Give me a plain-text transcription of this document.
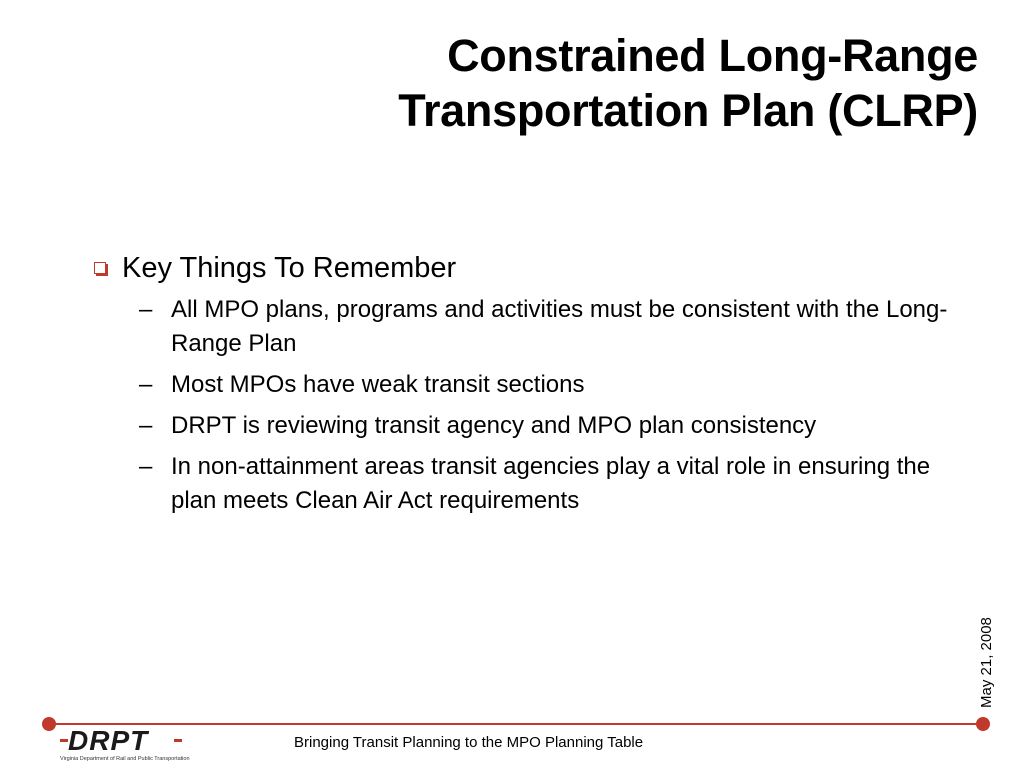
Constrained Long-Range
Transportation Plan (CLRP)
Key Things To Remember
– All MPO plans, programs and activities must be consistent with the Long-Range Plan
– Most MPOs have weak transit sections
– DRPT is reviewing transit agency and MPO plan consistency
– In non-attainment areas transit agencies play a vital role in ensuring the plan meets Clean Air Act requirements
May 21, 2008
DRPT
Virginia Department of Rail and Public Transportation
Bringing Transit Planning to the MPO Planning Table
